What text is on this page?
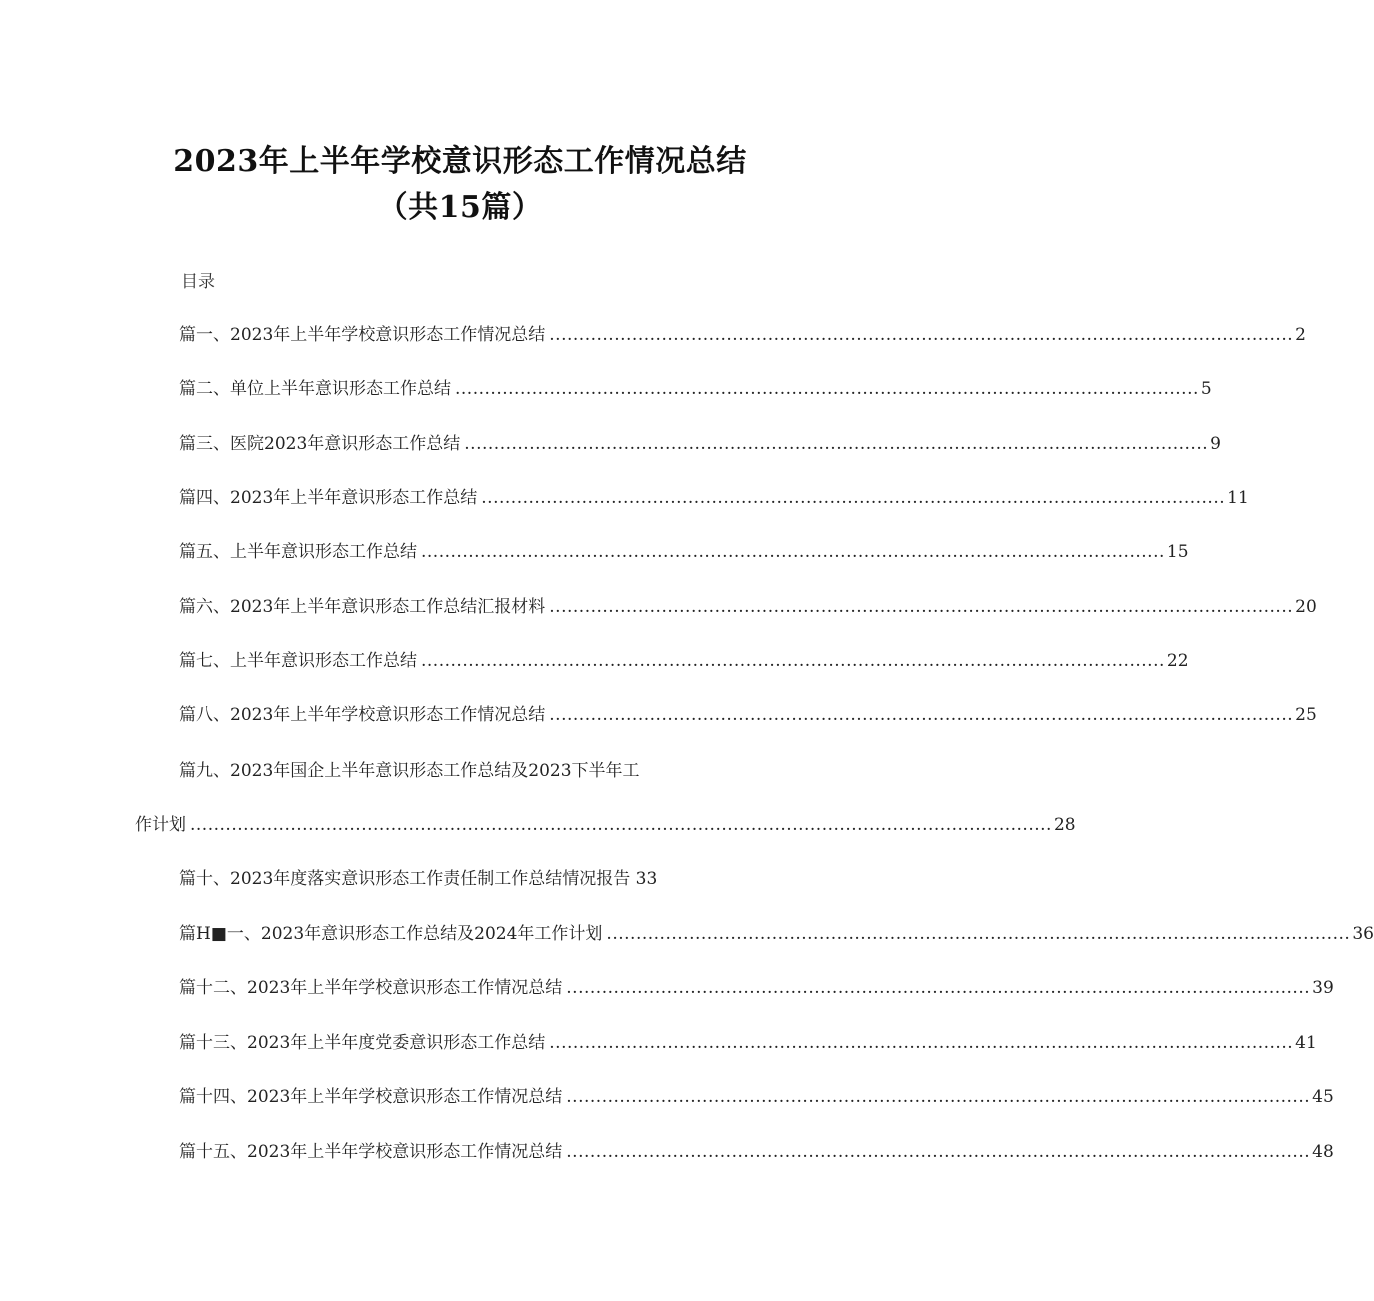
2023年上半年学校意识形态工作情况总结
（共15篇）
目录
篇一、2023年上半年学校意识形态工作情况总结 .............................................................................................................................. 2
篇二、单位上半年意识形态工作总结 .............................................................................................................................. 5
篇三、医院2023年意识形态工作总结 .............................................................................................................................. 9
篇四、2023年上半年意识形态工作总结 .............................................................................................................................. 11
篇五、上半年意识形态工作总结 .............................................................................................................................. 15
篇六、2023年上半年意识形态工作总结汇报材料 .............................................................................................................................. 20
篇七、上半年意识形态工作总结 .............................................................................................................................. 22
篇八、2023年上半年学校意识形态工作情况总结 .............................................................................................................................. 25
篇九、2023年国企上半年意识形态工作总结及2023下半年工
作计划 .................................................................................................................................................. 28
篇十、2023年度落实意识形态工作责任制工作总结情况报告 33
篇H■一、2023年意识形态工作总结及2024年工作计划 .............................................................................................................................. 36
篇十二、2023年上半年学校意识形态工作情况总结 .............................................................................................................................. 39
篇十三、2023年上半年度党委意识形态工作总结 .............................................................................................................................. 41
篇十四、2023年上半年学校意识形态工作情况总结 .............................................................................................................................. 45
篇十五、2023年上半年学校意识形态工作情况总结 .............................................................................................................................. 48
